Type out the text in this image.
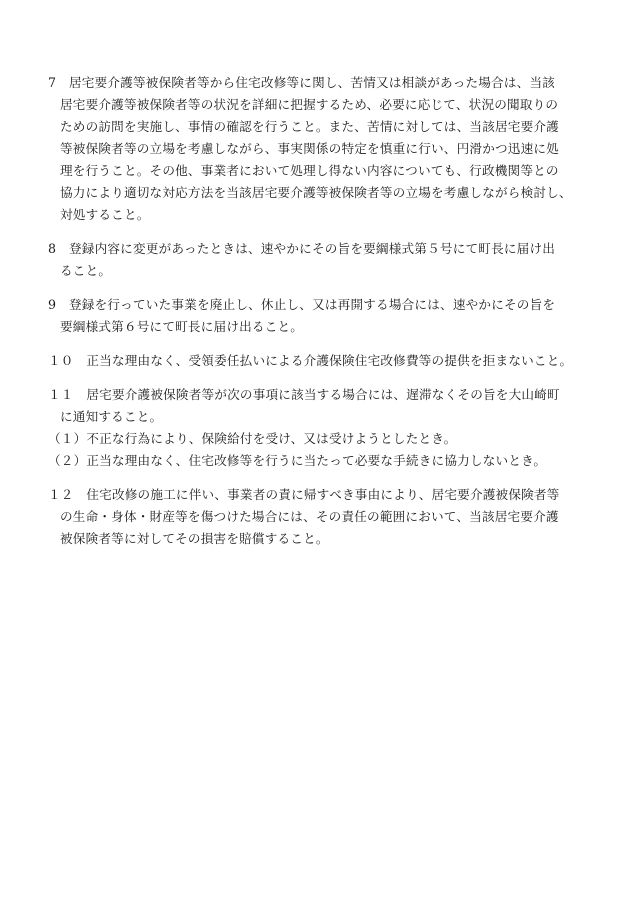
7　居宅要介護等被保険者等から住宅改修等に関し、苦情又は相談があった場合は、当該

居宅要介護等被保険者等の状況を詳細に把握するため、必要に応じて、状況の聞取りの

ための訪問を実施し、事情の確認を行うこと。また、苦情に対しては、当該居宅要介護

等被保険者等の立場を考慮しながら、事実関係の特定を慎重に行い、円滑かつ迅速に処

理を行うこと。その他、事業者において処理し得ない内容についても、行政機関等との

協力により適切な対応方法を当該居宅要介護等被保険者等の立場を考慮しながら検討し、

対処すること。

8　登録内容に変更があったときは、速やかにその旨を要綱様式第５号にて町長に届け出

ること。

9　登録を行っていた事業を廃止し、休止し、又は再開する場合には、速やかにその旨を

要綱様式第６号にて町長に届け出ること。

１０　正当な理由なく、受領委任払いによる介護保険住宅改修費等の提供を拒まないこと。

１１　居宅要介護被保険者等が次の事項に該当する場合には、遅滞なくその旨を大山崎町

に通知すること。

（１）不正な行為により、保険給付を受け、又は受けようとしたとき。

（２）正当な理由なく、住宅改修等を行うに当たって必要な手続きに協力しないとき。

１２　住宅改修の施工に伴い、事業者の責に帰すべき事由により、居宅要介護被保険者等

の生命・身体・財産等を傷つけた場合には、その責任の範囲において、当該居宅要介護

被保険者等に対してその損害を賠償すること。
